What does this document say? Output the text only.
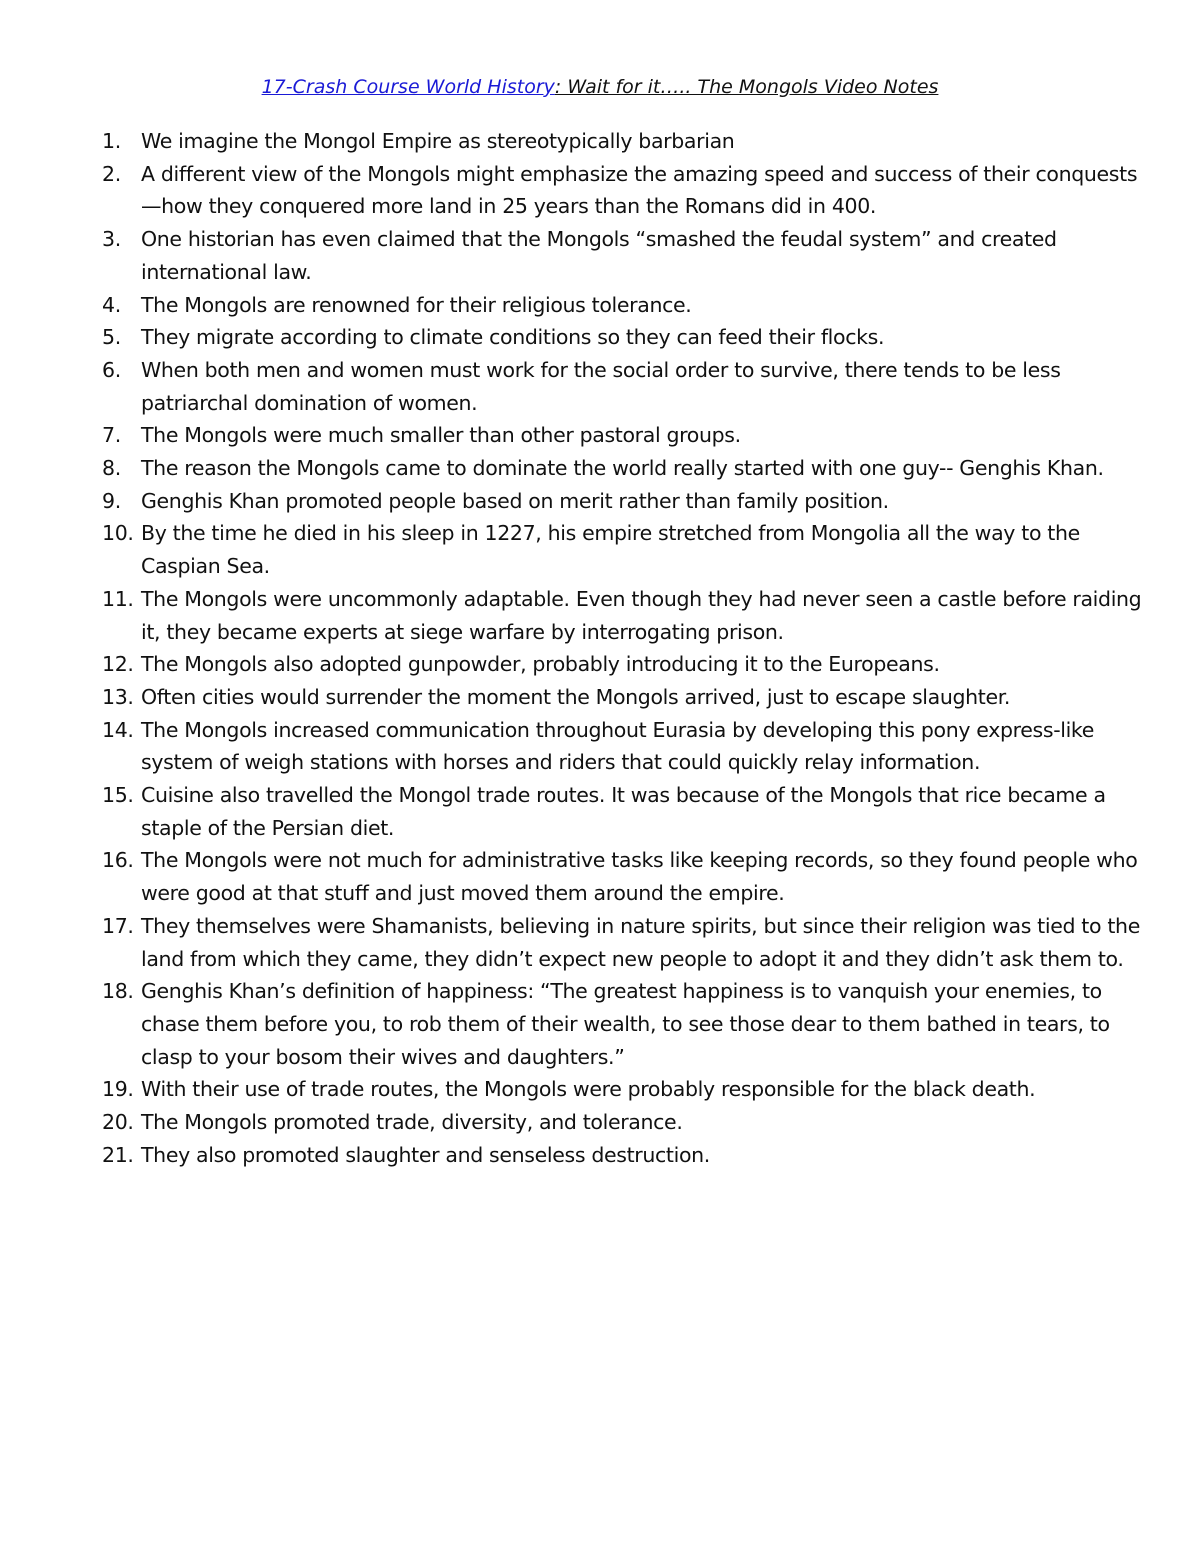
17-Crash Course World History: Wait for it….. The Mongols Video Notes
1. We imagine the Mongol Empire as stereotypically barbarian
2. A different view of the Mongols might emphasize the amazing speed and success of their conquests—how they conquered more land in 25 years than the Romans did in 400.
3. One historian has even claimed that the Mongols “smashed the feudal system” and created international law.
4. The Mongols are renowned for their religious tolerance.
5. They migrate according to climate conditions so they can feed their flocks.
6. When both men and women must work for the social order to survive, there tends to be less patriarchal domination of women.
7. The Mongols were much smaller than other pastoral groups.
8. The reason the Mongols came to dominate the world really started with one guy-- Genghis Khan.
9. Genghis Khan promoted people based on merit rather than family position.
10. By the time he died in his sleep in 1227, his empire stretched from Mongolia all the way to the Caspian Sea.
11. The Mongols were uncommonly adaptable. Even though they had never seen a castle before raiding it, they became experts at siege warfare by interrogating prison.
12. The Mongols also adopted gunpowder, probably introducing it to the Europeans.
13. Often cities would surrender the moment the Mongols arrived, just to escape slaughter.
14. The Mongols increased communication throughout Eurasia by developing this pony express-like system of weigh stations with horses and riders that could quickly relay information.
15. Cuisine also travelled the Mongol trade routes. It was because of the Mongols that rice became a staple of the Persian diet.
16. The Mongols were not much for administrative tasks like keeping records, so they found people who were good at that stuff and just moved them around the empire.
17. They themselves were Shamanists, believing in nature spirits, but since their religion was tied to the land from which they came, they didn’t expect new people to adopt it and they didn’t ask them to.
18. Genghis Khan’s definition of happiness: “The greatest happiness is to vanquish your enemies, to chase them before you, to rob them of their wealth, to see those dear to them bathed in tears, to clasp to your bosom their wives and daughters.”
19. With their use of trade routes, the Mongols were probably responsible for the black death.
20. The Mongols promoted trade, diversity, and tolerance.
21. They also promoted slaughter and senseless destruction.
